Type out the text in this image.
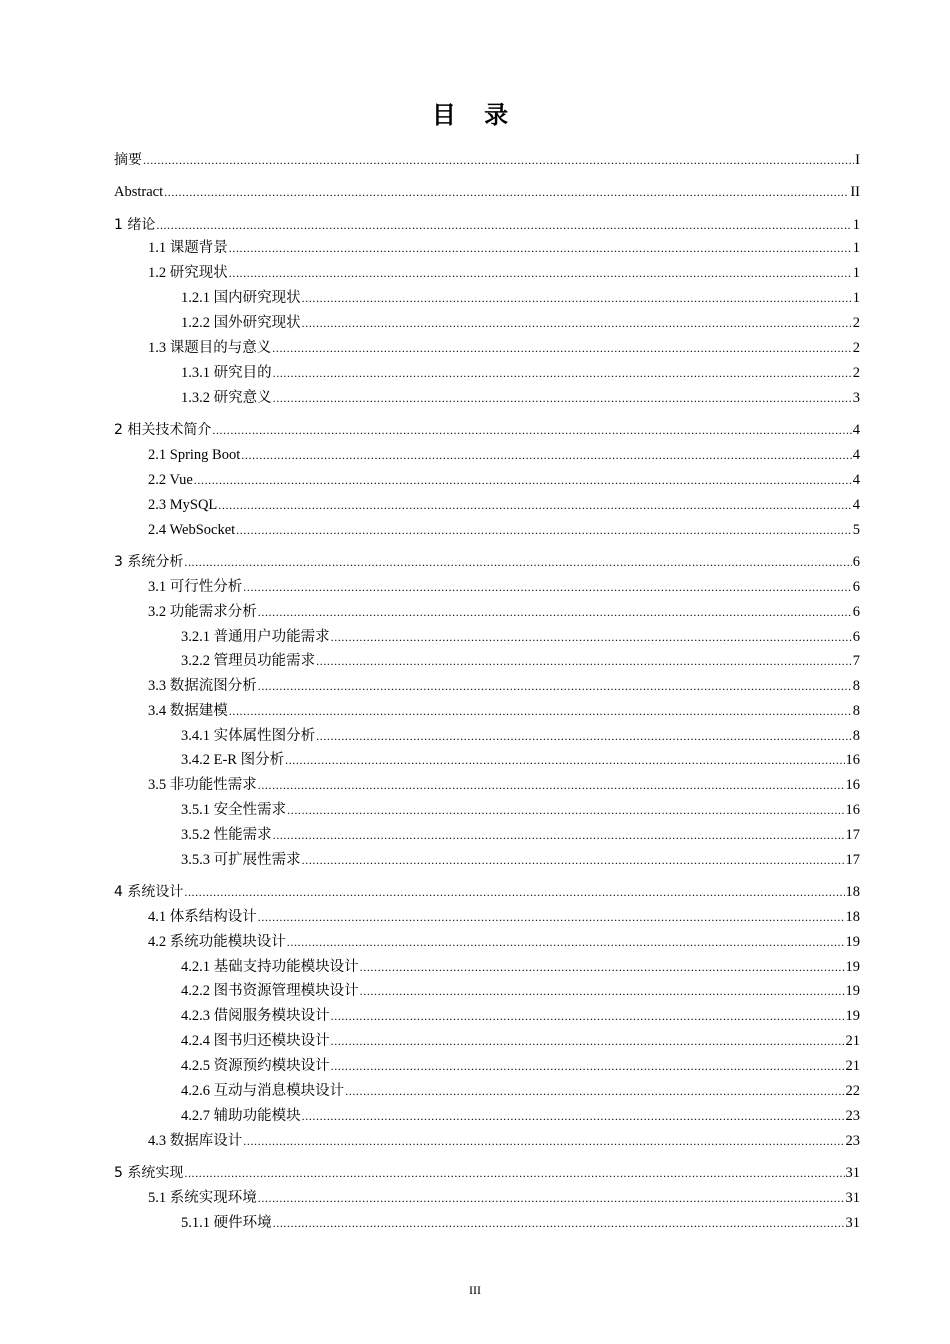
目 录
摘要 .....	I
Abstract .....	II
1 绪论 .....	1
1.1 课题背景 .....	1
1.2 研究现状 .....	1
1.2.1 国内研究现状 .....	1
1.2.2 国外研究现状 .....	2
1.3 课题目的与意义 .....	2
1.3.1 研究目的 .....	2
1.3.2 研究意义 .....	3
2 相关技术简介 .....	4
2.1 Spring Boot .....	4
2.2 Vue .....	4
2.3 MySQL .....	4
2.4 WebSocket .....	5
3 系统分析 .....	6
3.1 可行性分析 .....	6
3.2 功能需求分析 .....	6
3.2.1 普通用户功能需求 .....	6
3.2.2 管理员功能需求 .....	7
3.3 数据流图分析 .....	8
3.4 数据建模 .....	8
3.4.1 实体属性图分析 .....	8
3.4.2 E-R 图分析 .....	16
3.5 非功能性需求 .....	16
3.5.1 安全性需求 .....	16
3.5.2 性能需求 .....	17
3.5.3 可扩展性需求 .....	17
4 系统设计 .....	18
4.1 体系结构设计 .....	18
4.2 系统功能模块设计 .....	19
4.2.1 基础支持功能模块设计 .....	19
4.2.2 图书资源管理模块设计 .....	19
4.2.3 借阅服务模块设计 .....	19
4.2.4 图书归还模块设计 .....	21
4.2.5 资源预约模块设计 .....	21
4.2.6 互动与消息模块设计 .....	22
4.2.7 辅助功能模块 .....	23
4.3 数据库设计 .....	23
5 系统实现 .....	31
5.1 系统实现环境 .....	31
5.1.1 硬件环境 .....	31
III
